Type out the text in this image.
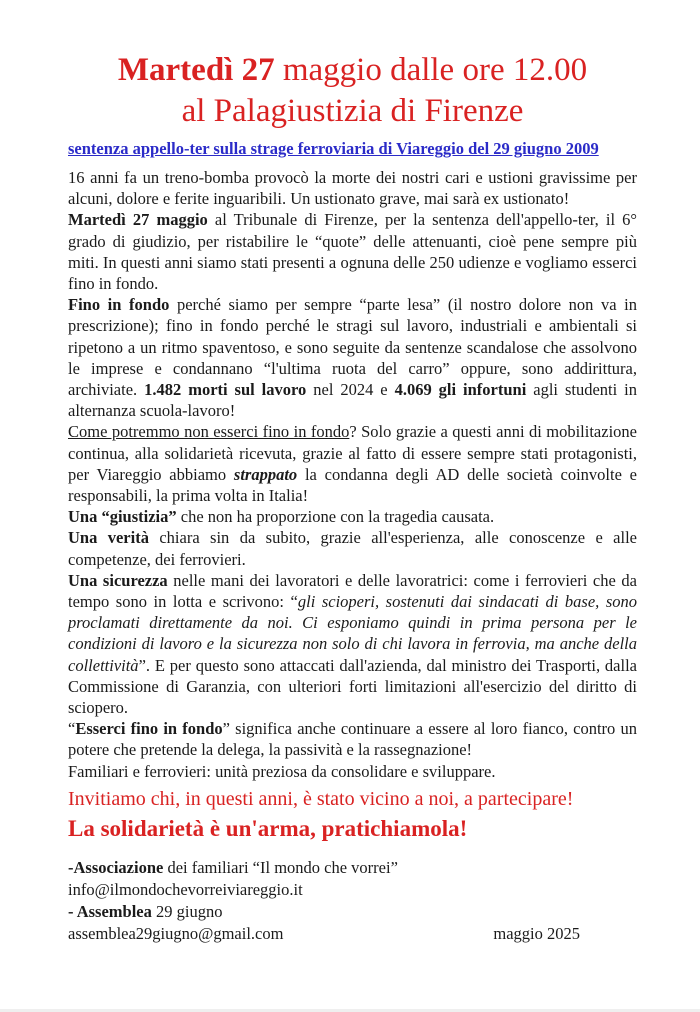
Martedì 27 maggio dalle ore 12.00
al Palagiustizia di Firenze
sentenza appello-ter sulla strage ferroviaria di Viareggio del 29 giugno 2009

16 anni fa un treno-bomba provocò la morte dei nostri cari e ustioni gravissime per alcuni, dolore e ferite inguaribili. Un ustionato grave, mai sarà ex ustionato!

Martedì 27 maggio al Tribunale di Firenze, per la sentenza dell'appello-ter, il 6° grado di giudizio, per ristabilire le “quote” delle attenuanti, cioè pene sempre più miti. In questi anni siamo stati presenti a ognuna delle 250 udienze e vogliamo esserci fino in fondo.

Fino in fondo perché siamo per sempre “parte lesa” (il nostro dolore non va in prescrizione); fino in fondo perché le stragi sul lavoro, industriali e ambientali si ripetono a un ritmo spaventoso, e sono seguite da sentenze scandalose che assolvono le imprese e condannano “l'ultima ruota del carro” oppure, sono addirittura, archiviate. 1.482 morti sul lavoro nel 2024 e 4.069 gli infortuni agli studenti in alternanza scuola-lavoro!

Come potremmo non esserci fino in fondo? Solo grazie a questi anni di mobilitazione continua, alla solidarietà ricevuta, grazie al fatto di essere sempre stati protagonisti, per Viareggio abbiamo strappato la condanna degli AD delle società coinvolte e responsabili, la prima volta in Italia!

Una “giustizia” che non ha proporzione con la tragedia causata.

Una verità chiara sin da subito, grazie all'esperienza, alle conoscenze e alle competenze, dei ferrovieri.

Una sicurezza nelle mani dei lavoratori e delle lavoratrici: come i ferrovieri che da tempo sono in lotta e scrivono: “gli scioperi, sostenuti dai sindacati di base, sono proclamati direttamente da noi. Ci esponiamo quindi in prima persona per le condizioni di lavoro e la sicurezza non solo di chi lavora in ferrovia, ma anche della collettività”. E per questo sono attaccati dall'azienda, dal ministro dei Trasporti, dalla Commissione di Garanzia, con ulteriori forti limitazioni all'esercizio del diritto di sciopero.

“Esserci fino in fondo” significa anche continuare a essere al loro fianco, contro un potere che pretende la delega, la passività e la rassegnazione!

Familiari e ferrovieri: unità preziosa da consolidare e sviluppare.

Invitiamo chi, in questi anni, è stato vicino a noi, a partecipare!
La solidarietà è un'arma, pratichiamola!

-Associazione dei familiari “Il mondo che vorrei”

info@ilmondochevorreiviareggio.it

- Assemblea 29 giugno

assemblea29giugno@gmail.com	maggio 2025
